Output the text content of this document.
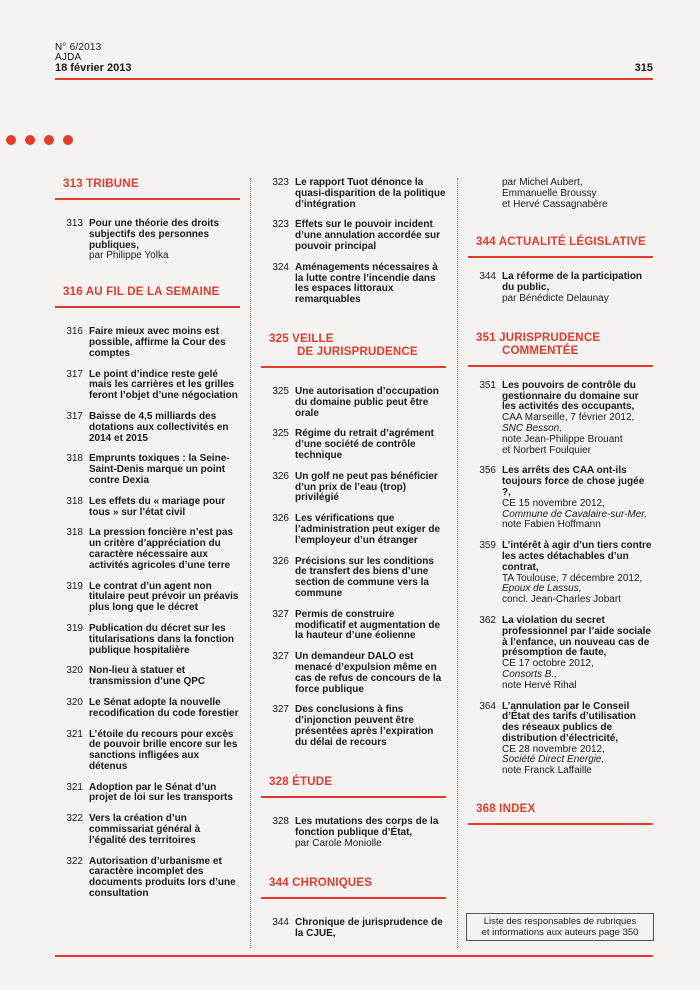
N° 6/2013
AJDA
18 février 2013	315
313 TRIBUNE
313 Pour une théorie des droits subjectifs des personnes publiques,
par Philippe Yolka
316 AU FIL DE LA SEMAINE
316 Faire mieux avec moins est possible, affirme la Cour des comptes
317 Le point d’indice reste gelé mais les carrières et les grilles feront l’objet d’une négociation
317 Baisse de 4,5 milliards des dotations aux collectivités en 2014 et 2015
318 Emprunts toxiques : la Seine-Saint-Denis marque un point contre Dexia
318 Les effets du « mariage pour tous » sur l’état civil
318 La pression foncière n’est pas un critère d’appréciation du caractère nécessaire aux activités agricoles d’une terre
319 Le contrat d’un agent non titulaire peut prévoir un préavis plus long que le décret
319 Publication du décret sur les titularisations dans la fonction publique hospitalière
320 Non-lieu à statuer et transmission d’une QPC
320 Le Sénat adopte la nouvelle recodification du code forestier
321 L’étoile du recours pour excès de pouvoir brille encore sur les sanctions infligées aux détenus
321 Adoption par le Sénat d’un projet de loi sur les transports
322 Vers la création d’un commissariat général à l’égalité des territoires
322 Autorisation d’urbanisme et caractère incomplet des documents produits lors d’une consultation
323 Le rapport Tuot dénonce la quasi-disparition de la politique d’intégration
323 Effets sur le pouvoir incident d’une annulation accordée sur pouvoir principal
324 Aménagements nécessaires à la lutte contre l’incendie dans les espaces littoraux remarquables
325 VEILLE
DE JURISPRUDENCE
325 Une autorisation d’occupation du domaine public peut être orale
325 Régime du retrait d’agrément d’une société de contrôle technique
326 Un golf ne peut pas bénéficier d’un prix de l’eau (trop) privilégié
326 Les vérifications que l’administration peut exiger de l’employeur d’un étranger
326 Précisions sur les conditions de transfert des biens d’une section de commune vers la commune
327 Permis de construire modificatif et augmentation de la hauteur d’une éolienne
327 Un demandeur DALO est menacé d’expulsion même en cas de refus de concours de la force publique
327 Des conclusions à fins d’injonction peuvent être présentées après l’expiration du délai de recours
328 ÉTUDE
328 Les mutations des corps de la fonction publique d’État,
par Carole Moniolle
344 CHRONIQUES
344 Chronique de jurisprudence de la CJUE,
par Michel Aubert,
Emmanuelle Broussy
et Hervé Cassagnabère
344 ACTUALITÉ LÉGISLATIVE
344 La réforme de la participation du public,
par Bénédicte Delaunay
351 JURISPRUDENCE
COMMENTÉE
351 Les pouvoirs de contrôle du gestionnaire du domaine sur les activités des occupants,
CAA Marseille, 7 février 2012,
SNC Besson,
note Jean-Philippe Brouant
et Norbert Foulquier
356 Les arrêts des CAA ont-ils toujours force de chose jugée ?,
CE 15 novembre 2012,
Commune de Cavalaire-sur-Mer,
note Fabien Hoffmann
359 L’intérêt à agir d’un tiers contre les actes détachables d’un contrat,
TA Toulouse, 7 décembre 2012,
Epoux de Lassus,
concl. Jean-Charles Jobart
362 La violation du secret professionnel par l’aide sociale à l’enfance, un nouveau cas de présomption de faute,
CE 17 octobre 2012,
Consorts B.,
note Hervé Rihal
364 L’annulation par le Conseil d’État des tarifs d’utilisation des réseaux publics de distribution d’électricité,
CE 28 novembre 2012,
Société Direct Energie,
note Franck Laffaille
368 INDEX
Liste des responsables de rubriques
et informations aux auteurs page 350
